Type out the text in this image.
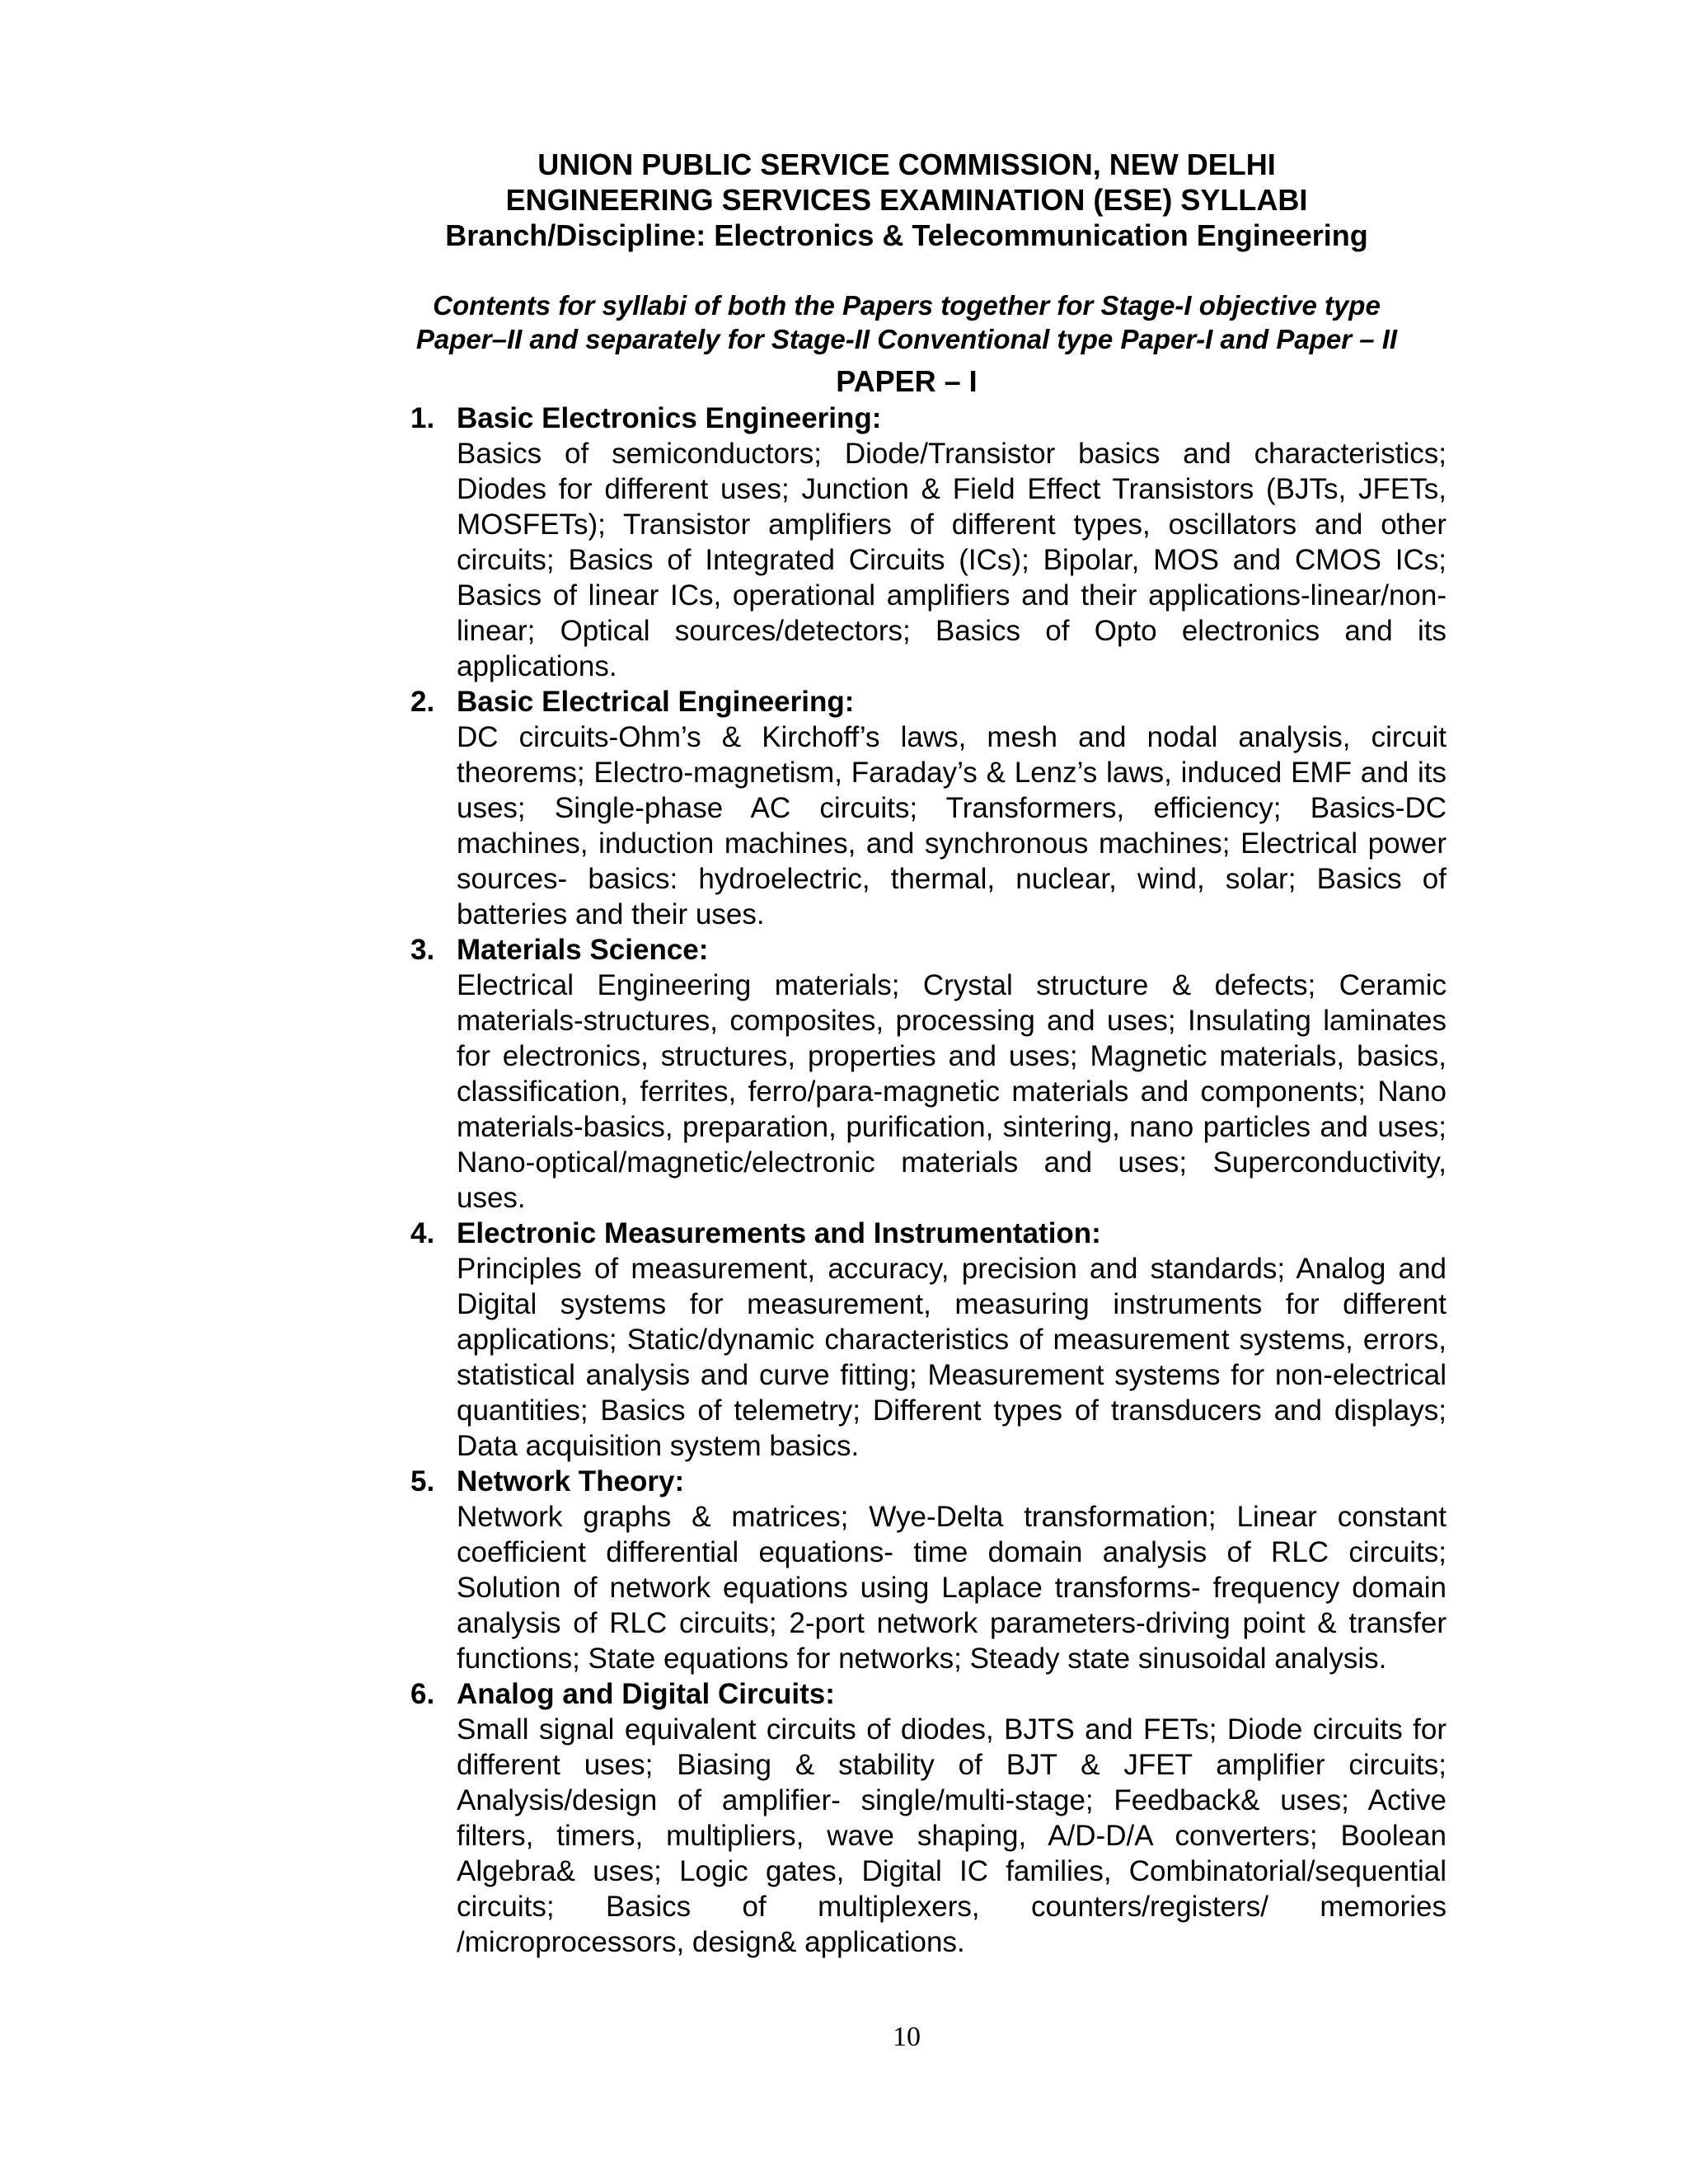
UNION PUBLIC SERVICE COMMISSION, NEW DELHI
ENGINEERING SERVICES EXAMINATION (ESE) SYLLABI
Branch/Discipline: Electronics & Telecommunication Engineering
Contents for syllabi of both the Papers together for Stage-I objective type
Paper–II and separately for Stage-II Conventional type Paper-I and Paper – II
PAPER – I
1. Basic Electronics Engineering:
Basics of semiconductors; Diode/Transistor basics and characteristics; Diodes for different uses; Junction & Field Effect Transistors (BJTs, JFETs, MOSFETs); Transistor amplifiers of different types, oscillators and other circuits; Basics of Integrated Circuits (ICs); Bipolar, MOS and CMOS ICs; Basics of linear ICs, operational amplifiers and their applications-linear/non-linear; Optical sources/detectors; Basics of Opto electronics and its applications.
2. Basic Electrical Engineering:
DC circuits-Ohm’s & Kirchoff’s laws, mesh and nodal analysis, circuit theorems; Electro-magnetism, Faraday’s & Lenz’s laws, induced EMF and its uses; Single-phase AC circuits; Transformers, efficiency; Basics-DC machines, induction machines, and synchronous machines; Electrical power sources- basics: hydroelectric, thermal, nuclear, wind, solar; Basics of batteries and their uses.
3. Materials Science:
Electrical Engineering materials; Crystal structure & defects; Ceramic materials-structures, composites, processing and uses; Insulating laminates for electronics, structures, properties and uses; Magnetic materials, basics, classification, ferrites, ferro/para-magnetic materials and components; Nano materials-basics, preparation, purification, sintering, nano particles and uses; Nano-optical/magnetic/electronic materials and uses; Superconductivity, uses.
4. Electronic Measurements and Instrumentation:
Principles of measurement, accuracy, precision and standards; Analog and Digital systems for measurement, measuring instruments for different applications; Static/dynamic characteristics of measurement systems, errors, statistical analysis and curve fitting; Measurement systems for non-electrical quantities; Basics of telemetry; Different types of transducers and displays; Data acquisition system basics.
5. Network Theory:
Network graphs & matrices; Wye-Delta transformation; Linear constant coefficient differential equations- time domain analysis of RLC circuits; Solution of network equations using Laplace transforms- frequency domain analysis of RLC circuits; 2-port network parameters-driving point & transfer functions; State equations for networks; Steady state sinusoidal analysis.
6. Analog and Digital Circuits:
Small signal equivalent circuits of diodes, BJTS and FETs; Diode circuits for different uses; Biasing & stability of BJT & JFET amplifier circuits; Analysis/design of amplifier- single/multi-stage; Feedback& uses; Active filters, timers, multipliers, wave shaping, A/D-D/A converters; Boolean Algebra& uses; Logic gates, Digital IC families, Combinatorial/sequential circuits; Basics of multiplexers, counters/registers/ memories /microprocessors, design& applications.
10
